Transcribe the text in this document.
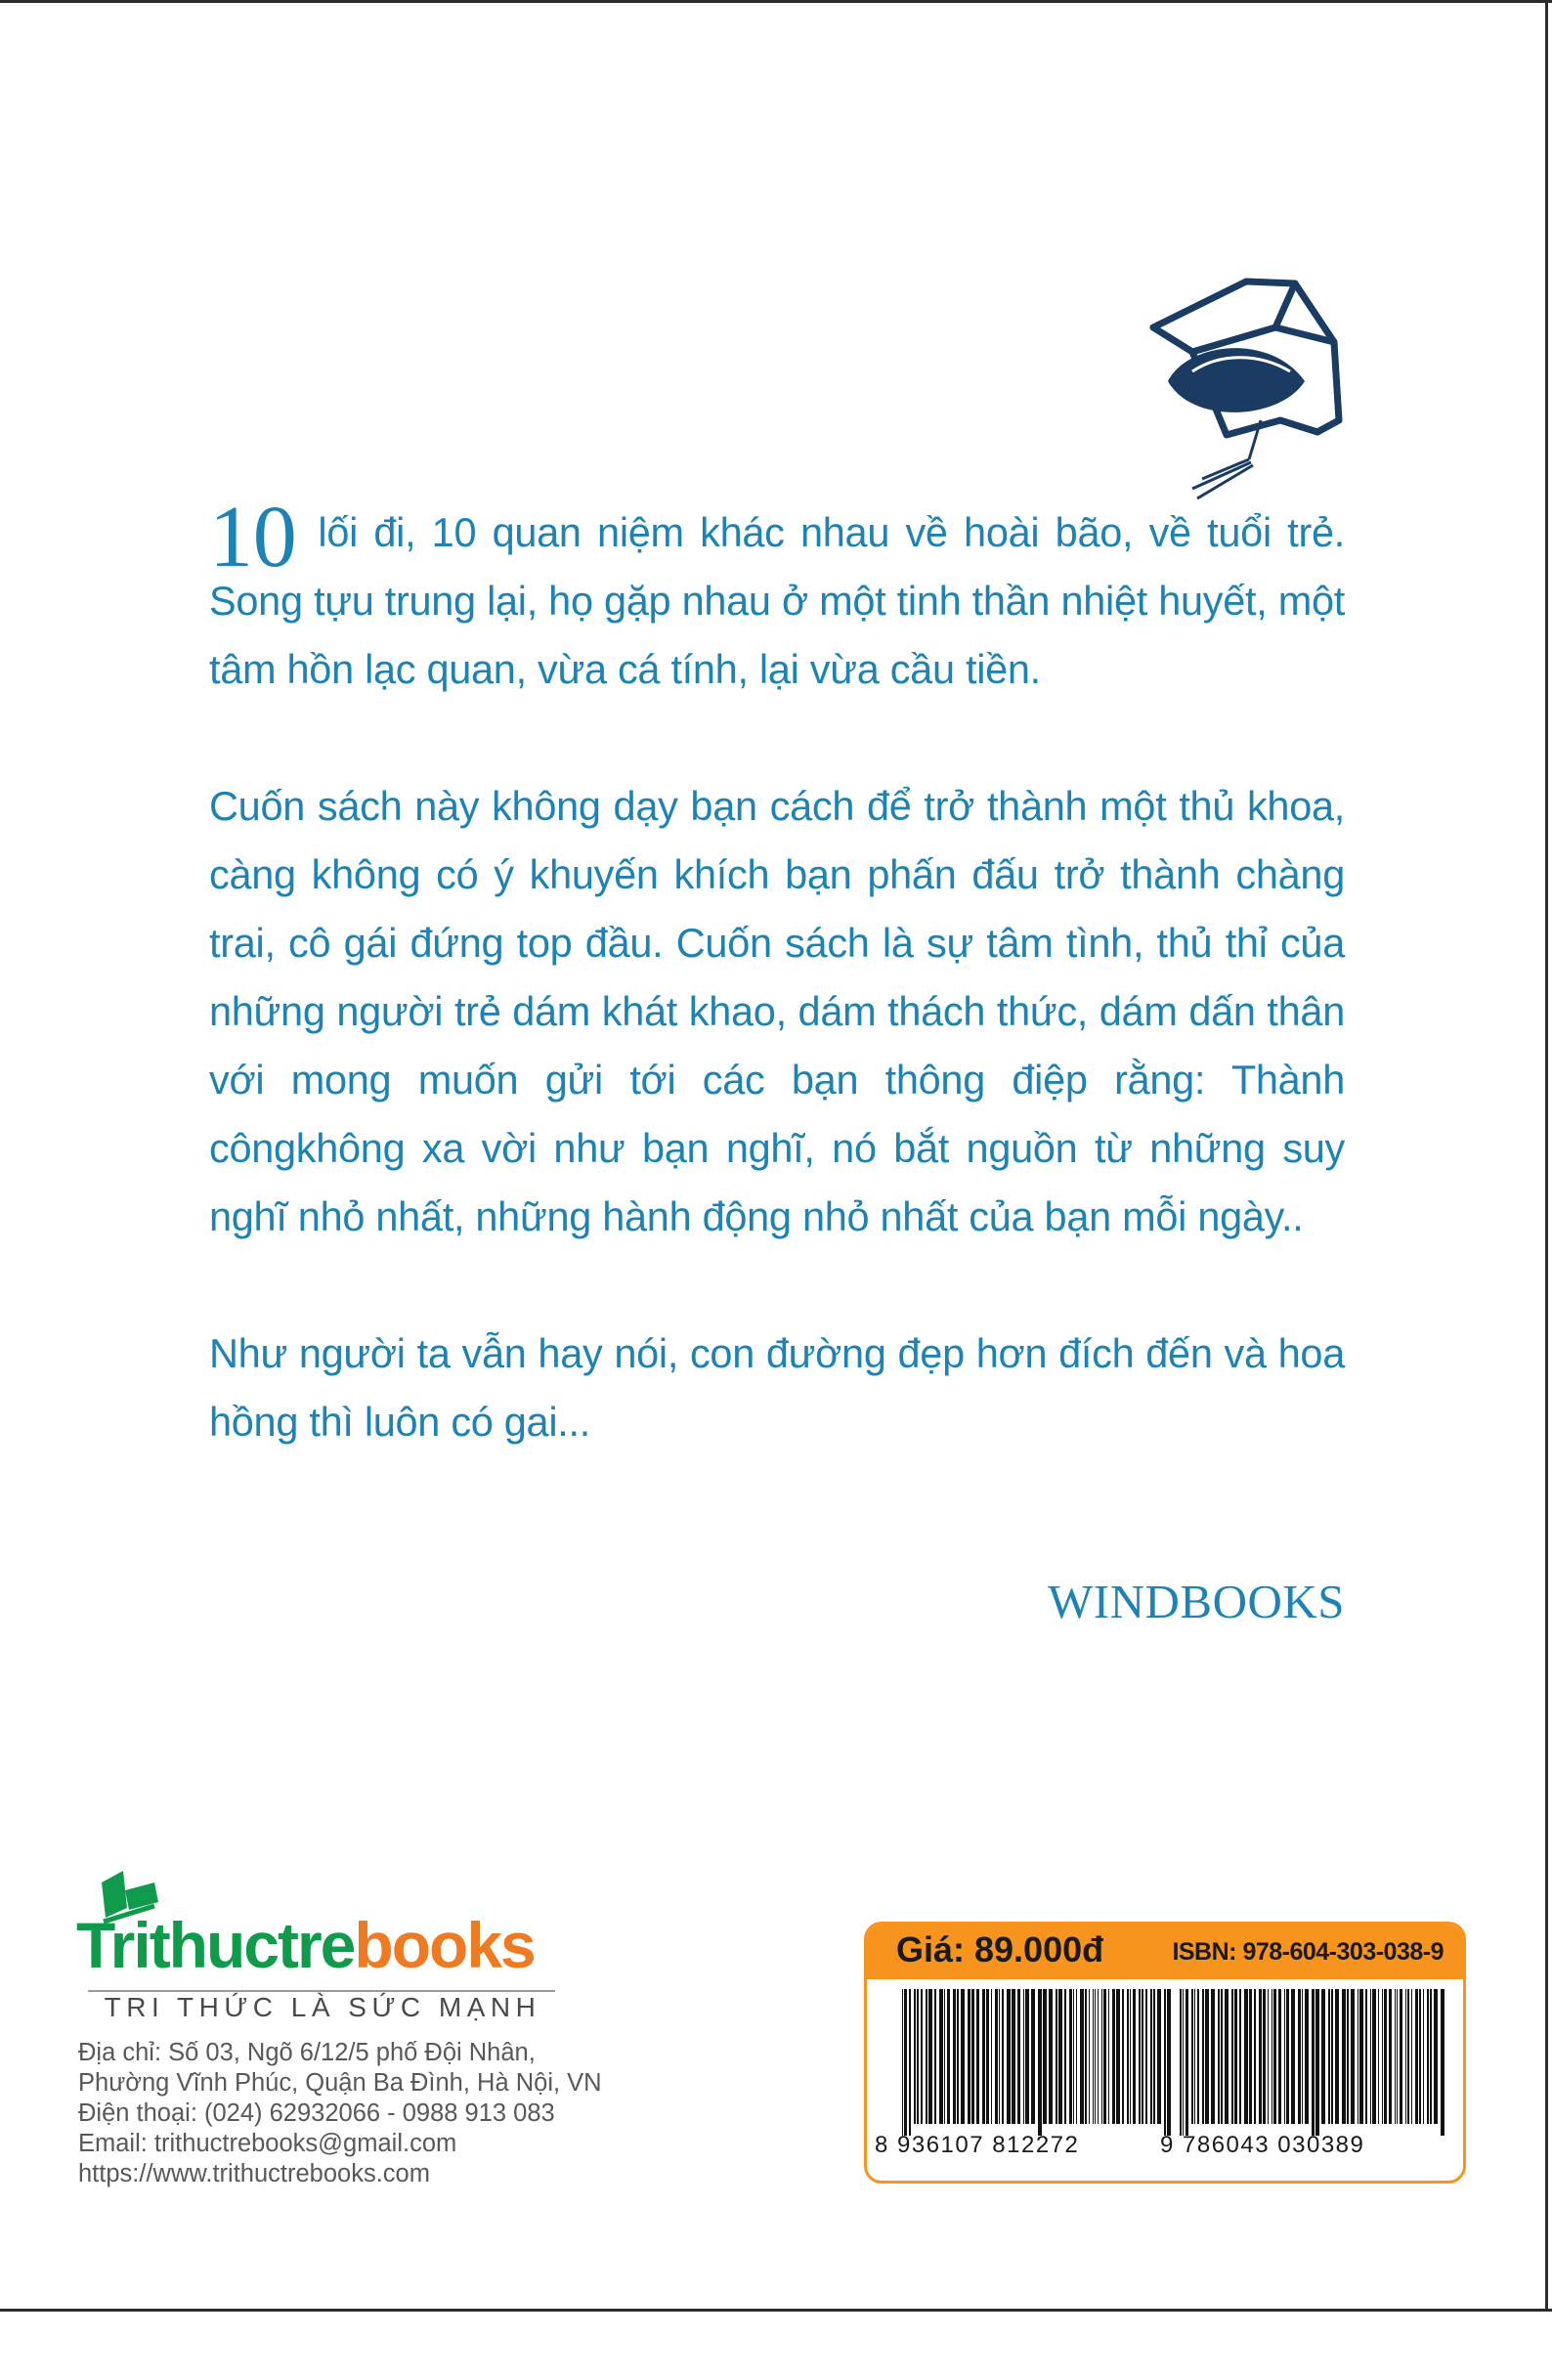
10 lối đi, 10 quan niệm khác nhau về hoài bão, về tuổi trẻ. Song tựu trung lại, họ gặp nhau ở một tinh thần nhiệt huyết, một tâm hồn lạc quan, vừa cá tính, lại vừa cầu tiền.

Cuốn sách này không dạy bạn cách để trở thành một thủ khoa, càng không có ý khuyến khích bạn phấn đấu trở thành chàng trai, cô gái đứng top đầu. Cuốn sách là sự tâm tình, thủ thỉ của những người trẻ dám khát khao, dám thách thức, dám dấn thân với mong muốn gửi tới các bạn thông điệp rằng: Thành côngkhông xa vời như bạn nghĩ, nó bắt nguồn từ những suy nghĩ nhỏ nhất, những hành động nhỏ nhất của bạn mỗi ngày..

Như người ta vẫn hay nói, con đường đẹp hơn đích đến và hoa hồng thì luôn có gai...

WINDBOOKS
Trithuctrebooks
TRI THỨC LÀ SỨC MẠNH
Địa chỉ: Số 03, Ngõ 6/12/5 phố Đội Nhân,
Phường Vĩnh Phúc, Quận Ba Đình, Hà Nội, VN
Điện thoại: (024) 62932066 - 0988 913 083
Email: trithuctrebooks@gmail.com
https://www.trithuctrebooks.com
Giá: 89.000đ	ISBN: 978-604-303-038-9
8 936107 812272	9 786043 030389
